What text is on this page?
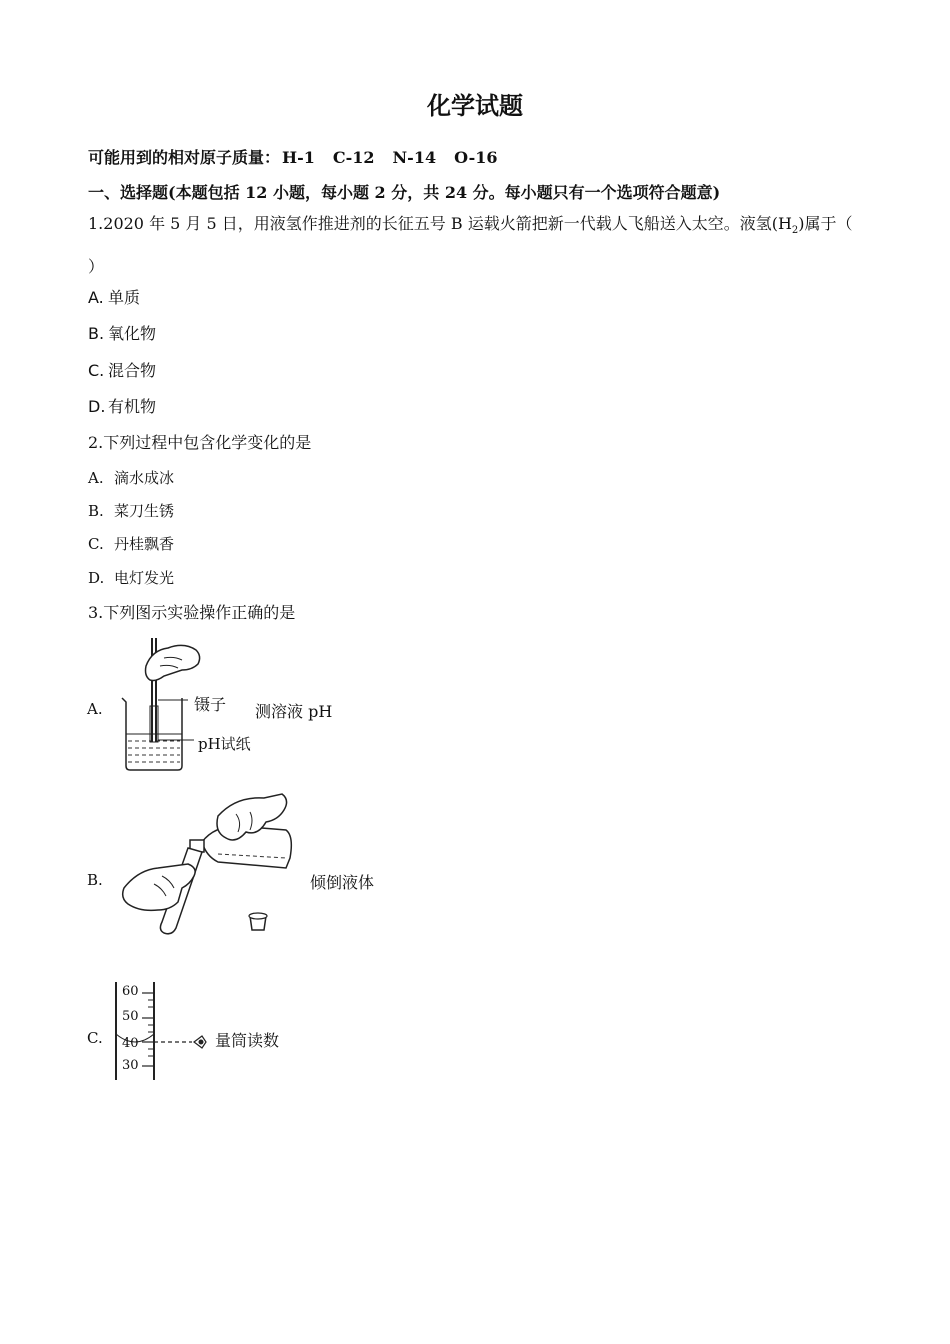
化学试题
可能用到的相对原子质量： H-1 C-12 N-14 O-16
一、选择题(本题包括 12 小题，每小题 2 分，共 24 分。每小题只有一个选项符合题意)
1.2020 年 5 月 5 日，用液氢作推进剂的长征五号 B 运载火箭把新一代载人飞船送入太空。液氢$(H_2)$属于（ ）
A. 单质
B. 氧化物
C. 混合物
D. 有机物
2.下列过程中包含化学变化的是
A. 滴水成冰
B. 菜刀生锈
C. 丹桂飘香
D. 电灯发光
3.下列图示实验操作正确的是
A.	镊子
pH试纸
测溶液 pH
B.	倾倒液体
C.
60
50
40
30
量筒读数
